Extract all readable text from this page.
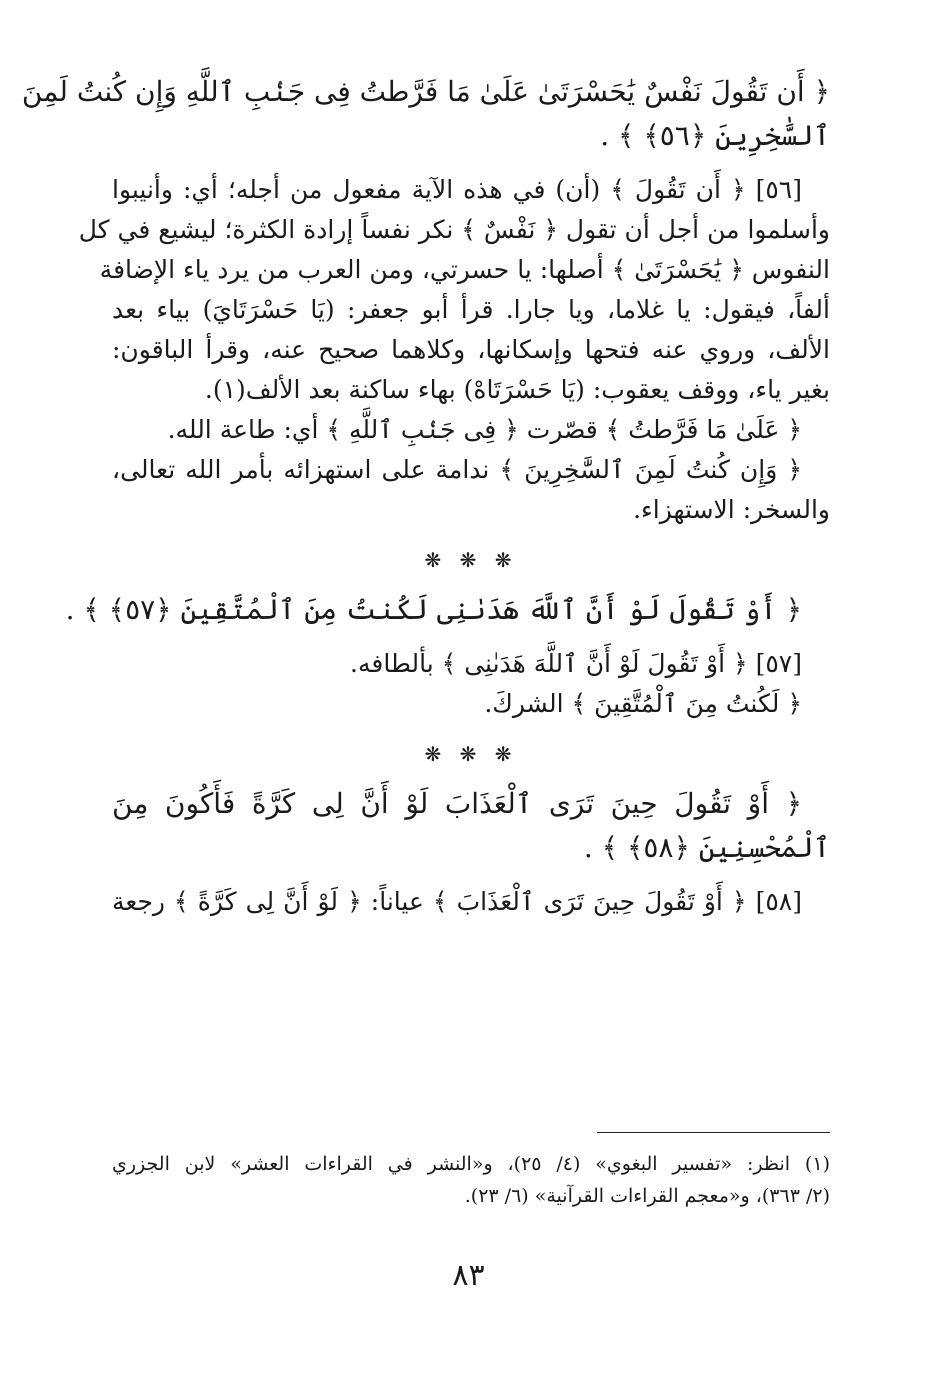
﴿ أَن تَقُولَ نَفْسٌ يَٰحَسْرَتَىٰ عَلَىٰ مَا فَرَّطتُ فِى جَنۢبِ ٱللَّهِ وَإِن كُنتُ لَمِنَ
ٱلسَّٰخِرِينَ ﴿٥٦﴾ ﴾ .
[٥٦] ﴿ أَن تَقُولَ ﴾ (أن) في هذه الآية مفعول من أجله؛ أي: وأنيبوا
وأسلموا من أجل أن تقول ﴿ نَفْسٌ ﴾ نكر نفساً إرادة الكثرة؛ ليشيع في كل
النفوس ﴿ يَٰحَسْرَتَىٰ ﴾ أصلها: يا حسرتي، ومن العرب من يرد ياء الإضافة
ألفاً، فيقول: يا غلاما، ويا جارا. قرأ أبو جعفر: (يَا حَسْرَتَايَ) بياء بعد
الألف، وروي عنه فتحها وإسكانها، وكلاهما صحيح عنه، وقرأ الباقون:
بغير ياء، ووقف يعقوب: (يَا حَسْرَتَاهْ) بهاء ساكنة بعد الألف(١).
﴿ عَلَىٰ مَا فَرَّطتُ ﴾ قصّرت ﴿ فِى جَنۢبِ ٱللَّهِ ﴾ أي: طاعة الله.
﴿ وَإِن كُنتُ لَمِنَ ٱلسَّٰخِرِينَ ﴾ ندامة على استهزائه بأمر الله تعالى،
والسخر: الاستهزاء.
❋ ❋ ❋
﴿ أَوْ تَقُولَ لَوْ أَنَّ ٱللَّهَ هَدَىٰنِى لَكُنتُ مِنَ ٱلْمُتَّقِينَ ﴿٥٧﴾ ﴾ .
[٥٧] ﴿ أَوْ تَقُولَ لَوْ أَنَّ ٱللَّهَ هَدَىٰنِى ﴾ بألطافه.
﴿ لَكُنتُ مِنَ ٱلْمُتَّقِينَ ﴾ الشركَ.
❋ ❋ ❋
﴿ أَوْ تَقُولَ حِينَ تَرَى ٱلْعَذَابَ لَوْ أَنَّ لِى كَرَّةً فَأَكُونَ مِنَ
ٱلْمُحْسِنِينَ ﴿٥٨﴾ ﴾ .
[٥٨] ﴿ أَوْ تَقُولَ حِينَ تَرَى ٱلْعَذَابَ ﴾ عياناً: ﴿ لَوْ أَنَّ لِى كَرَّةً ﴾ رجعة
(١) انظر: «تفسير البغوي» (٤/ ٢٥)، و«النشر في القراءات العشر» لابن الجزري
(٢/ ٣٦٣)، و«معجم القراءات القرآنية» (٦/ ٢٣).
٨٣
